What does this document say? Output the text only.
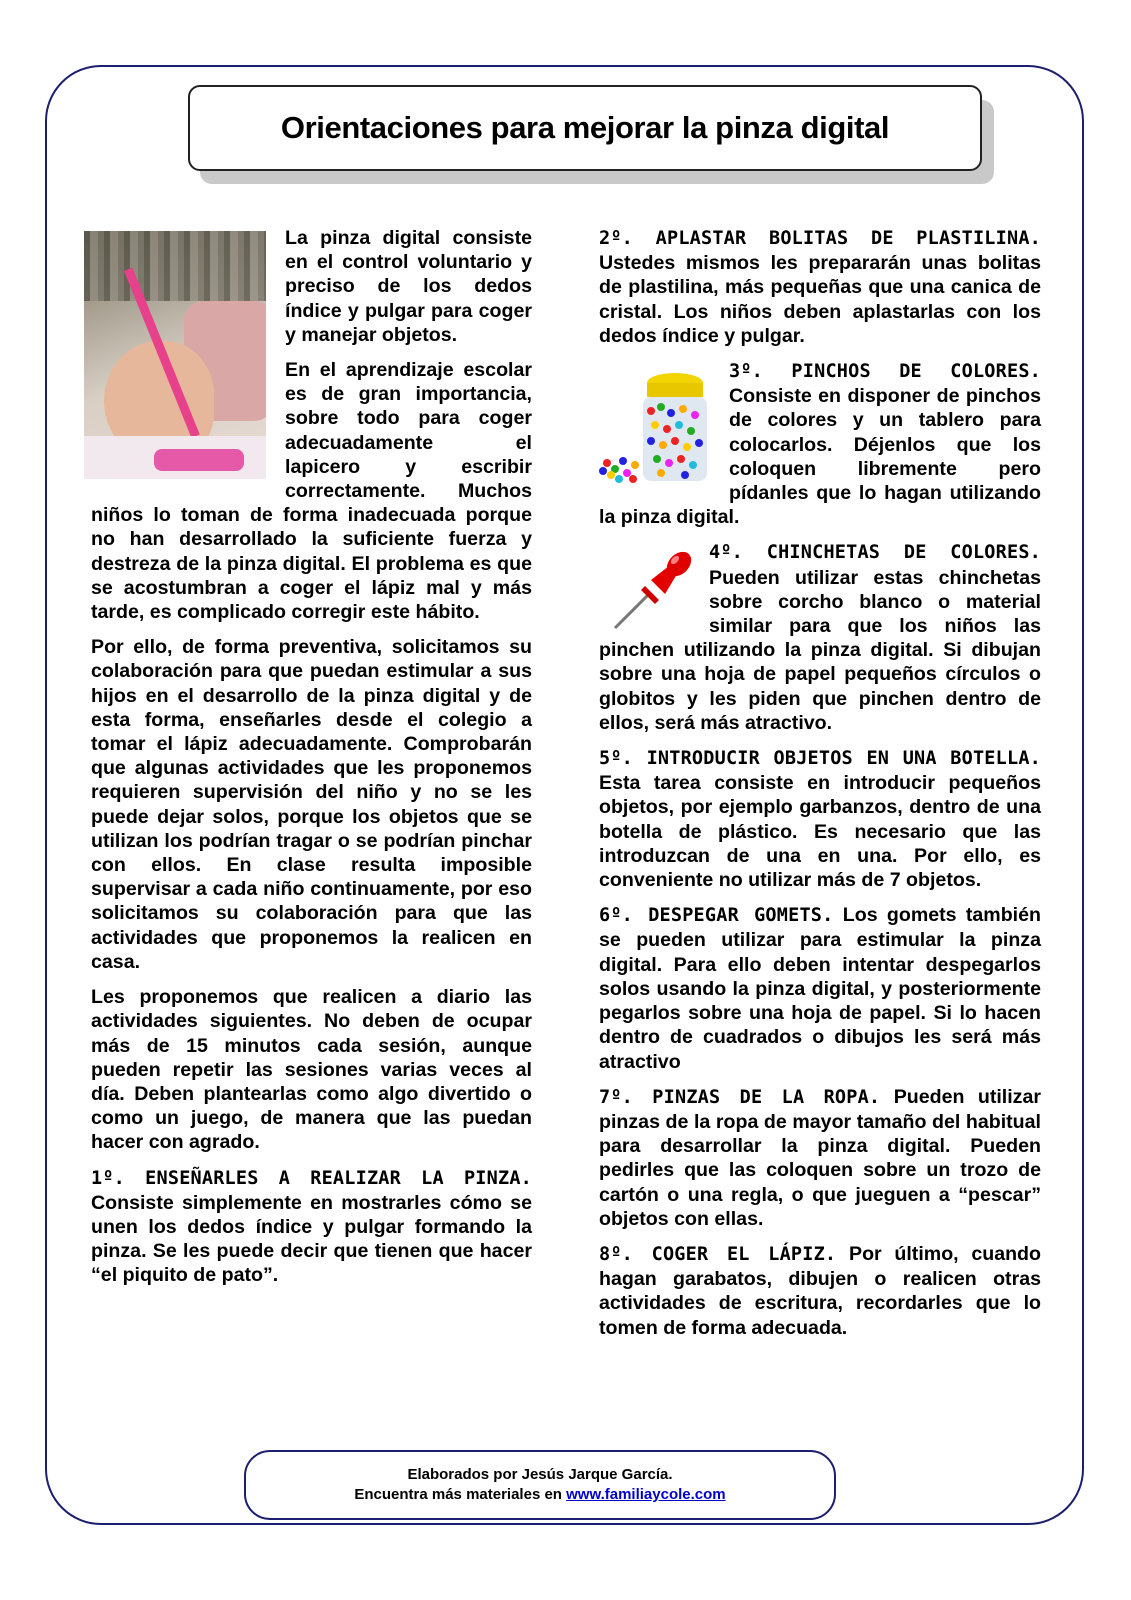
Orientaciones para mejorar la pinza digital

La pinza digital consiste en el control voluntario y preciso de los dedos índice y pulgar para coger y manejar objetos.

En el aprendizaje escolar es de gran importancia, sobre todo para coger adecuadamente el lapicero y escribir correctamente. Muchos niños lo toman de forma inadecuada porque no han desarrollado la suficiente fuerza y destreza de la pinza digital. El problema es que se acostumbran a coger el lápiz mal y más tarde, es complicado corregir este hábito.

Por ello, de forma preventiva, solicitamos su colaboración para que puedan estimular a sus hijos en el desarrollo de la pinza digital y de esta forma, enseñarles desde el colegio a tomar el lápiz adecuadamente. Comprobarán que algunas actividades que les proponemos requieren supervisión del niño y no se les puede dejar solos, porque los objetos que se utilizan los podrían tragar o se podrían pinchar con ellos. En clase resulta imposible supervisar a cada niño continuamente, por eso solicitamos su colaboración para que las actividades que proponemos la realicen en casa.

Les proponemos que realicen a diario las actividades siguientes. No deben de ocupar más de 15 minutos cada sesión, aunque pueden repetir las sesiones varias veces al día. Deben plantearlas como algo divertido o como un juego, de manera que las puedan hacer con agrado.

1º. ENSEÑARLES A REALIZAR LA PINZA. Consiste simplemente en mostrarles cómo se unen los dedos índice y pulgar formando la pinza. Se les puede decir que tienen que hacer “el piquito de pato”.

2º. APLASTAR BOLITAS DE PLASTILINA. Ustedes mismos les prepararán unas bolitas de plastilina, más pequeñas que una canica de cristal. Los niños deben aplastarlas con los dedos índice y pulgar.

3º. PINCHOS DE COLORES.
Consiste en disponer de pinchos de colores y un tablero para colocarlos. Déjenlos que los coloquen libremente pero pídanles que lo hagan utilizando la pinza digital.

4º. CHINCHETAS DE COLORES.
Pueden utilizar estas chinchetas sobre corcho blanco o material similar para que los niños las pinchen utilizando la pinza digital. Si dibujan sobre una hoja de papel pequeños círculos o globitos y les piden que pinchen dentro de ellos, será más atractivo.

5º. INTRODUCIR OBJETOS EN UNA BOTELLA. Esta tarea consiste en introducir pequeños objetos, por ejemplo garbanzos, dentro de una botella de plástico. Es necesario que las introduzcan de una en una. Por ello, es conveniente no utilizar más de 7 objetos.

6º. DESPEGAR GOMETS. Los gomets también se pueden utilizar para estimular la pinza digital. Para ello deben intentar despegarlos solos usando la pinza digital, y posteriormente pegarlos sobre una hoja de papel. Si lo hacen dentro de cuadrados o dibujos les será más atractivo

7º. PINZAS DE LA ROPA. Pueden utilizar pinzas de la ropa de mayor tamaño del habitual para desarrollar la pinza digital. Pueden pedirles que las coloquen sobre un trozo de cartón o una regla, o que jueguen a “pescar” objetos con ellas.

8º. COGER EL LÁPIZ. Por último, cuando hagan garabatos, dibujen o realicen otras actividades de escritura, recordarles que lo tomen de forma adecuada.

Elaborados por Jesús Jarque García.
Encuentra más materiales en www.familiaycole.com
